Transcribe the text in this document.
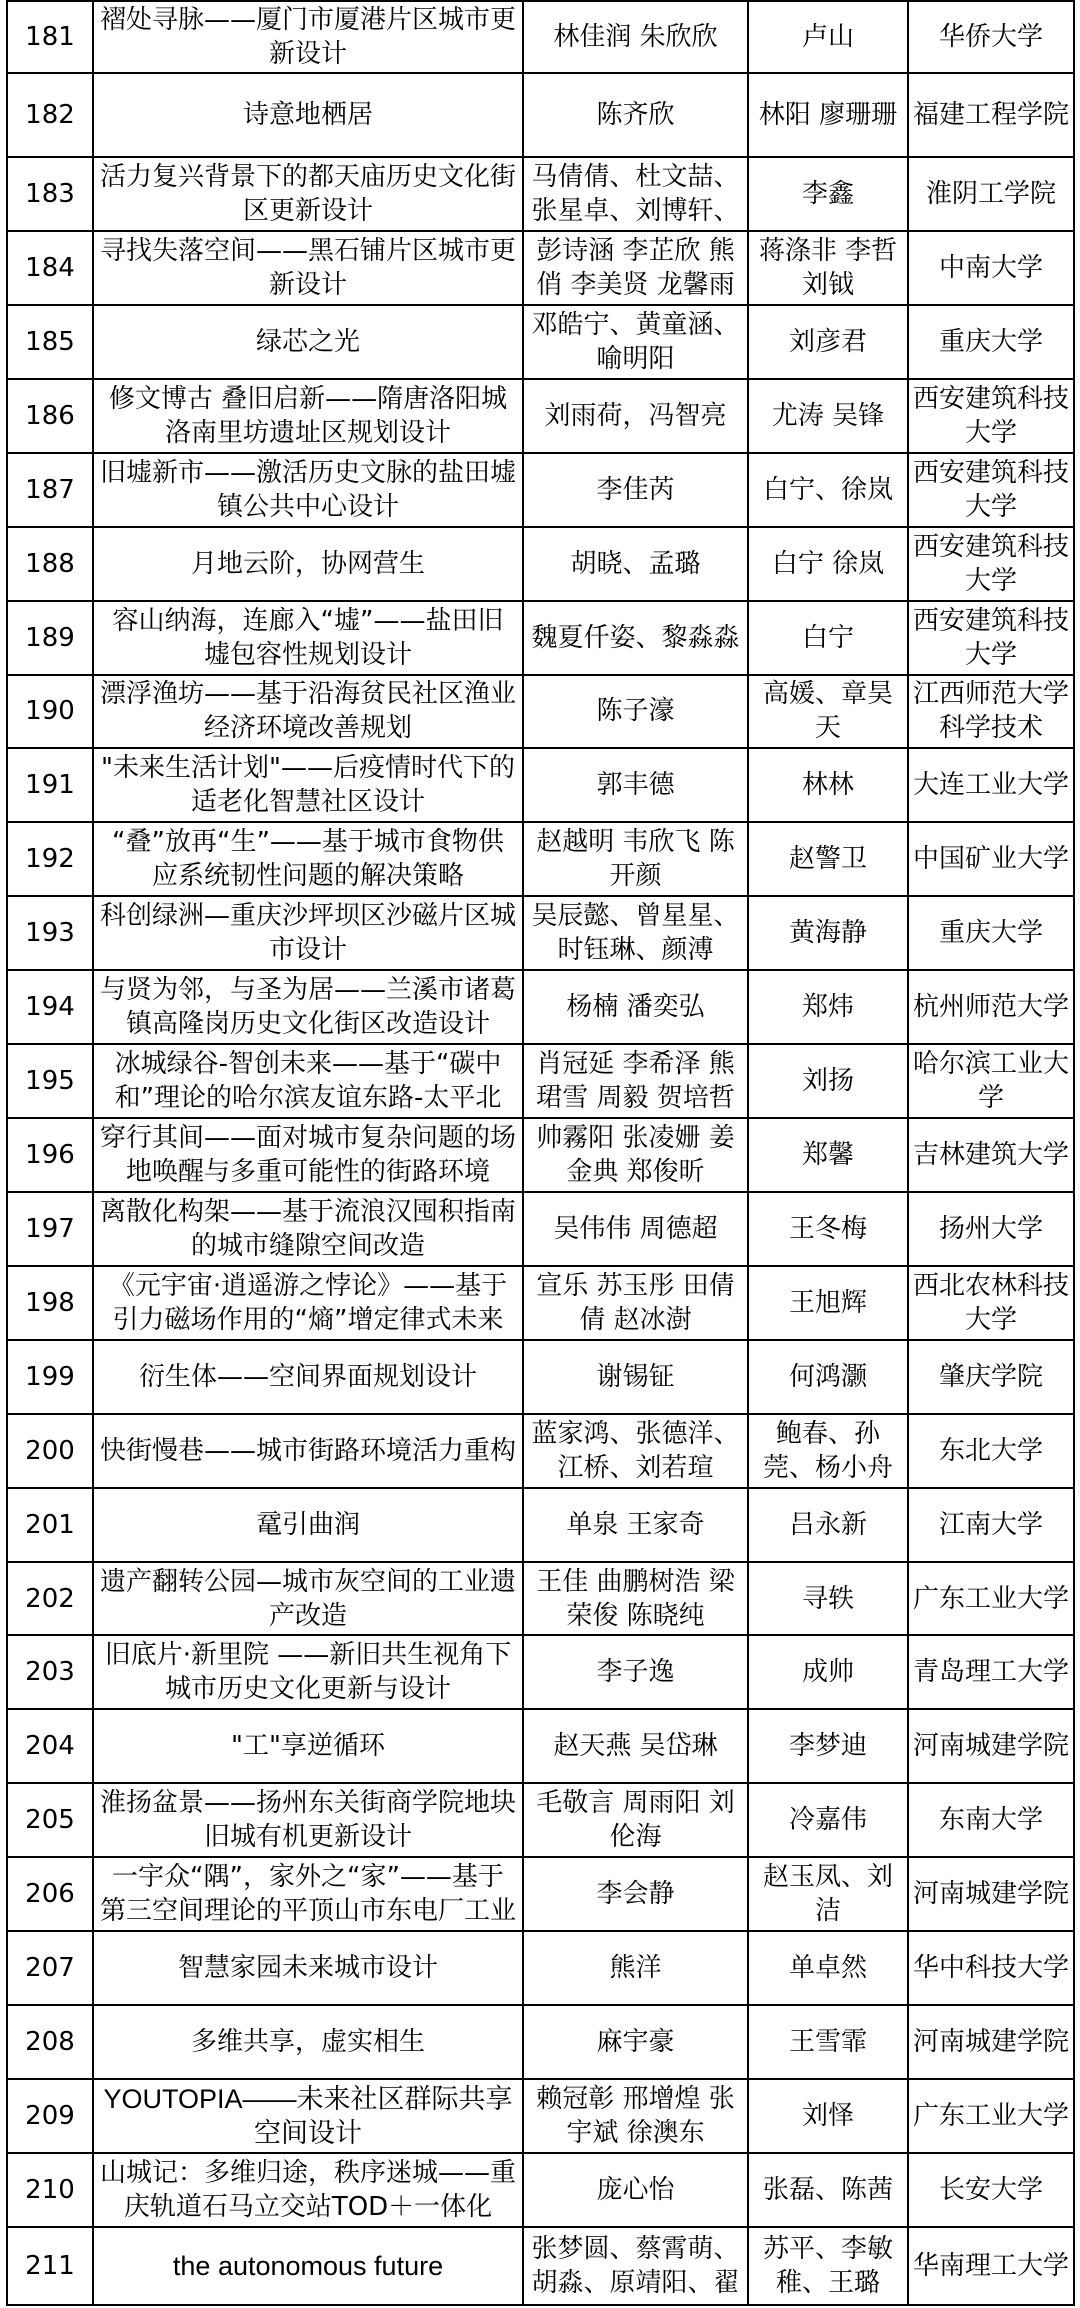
181	褶处寻脉——厦门市厦港片区城市更新设计	林佳润 朱欣欣	卢山	华侨大学

182	诗意地栖居	陈齐欣	林阳 廖珊珊	福建工程学院

183	活力复兴背景下的都天庙历史文化街区更新设计	马倩倩、杜文喆、张星卓、刘博轩、	李鑫	淮阴工学院

184	寻找失落空间——黑石铺片区城市更新设计	彭诗涵 李芷欣 熊俏 李美贤 龙馨雨	蒋涤非 李哲 刘钺	中南大学

185	绿芯之光	邓皓宁、黄童涵、喻明阳	刘彦君	重庆大学

186	修文博古 叠旧启新——隋唐洛阳城洛南里坊遗址区规划设计	刘雨荷，冯智亮	尤涛 吴锋	西安建筑科技大学

187	旧墟新市——激活历史文脉的盐田墟镇公共中心设计	李佳芮	白宁、徐岚	西安建筑科技大学

188	月地云阶，协网营生	胡晓、孟璐	白宁 徐岚	西安建筑科技大学

189	容山纳海，连廊入“墟”——盐田旧墟包容性规划设计	魏夏仟姿、黎淼淼	白宁	西安建筑科技大学

190	漂浮渔坊——基于沿海贫民社区渔业经济环境改善规划	陈子濠	高媛、章昊天	江西师范大学科学技术

191	"未来生活计划"——后疫情时代下的适老化智慧社区设计	郭丰德	林林	大连工业大学

192	“叠”放再“生”——基于城市食物供应系统韧性问题的解决策略	赵越明 韦欣飞 陈开颜	赵警卫	中国矿业大学

193	科创绿洲—重庆沙坪坝区沙磁片区城市设计	吴辰懿、曾星星、时钰琳、颜溥	黄海静	重庆大学

194	与贤为邻，与圣为居——兰溪市诸葛镇高隆岗历史文化街区改造设计	杨楠 潘奕弘	郑炜	杭州师范大学

195	冰城绿谷-智创未来——基于“碳中和”理论的哈尔滨友谊东路-太平北	肖冠延 李希泽 熊珺雪 周毅 贺培哲	刘扬	哈尔滨工业大学

196	穿行其间——面对城市复杂问题的场地唤醒与多重可能性的街路环境	帅霧阳 张凌姗 姜金典 郑俊昕	郑馨	吉林建筑大学

197	离散化构架——基于流浪汉囤积指南的城市缝隙空间改造	吴伟伟 周德超	王冬梅	扬州大学

198	《元宇宙·逍遥游之悖论》——基于引力磁场作用的“熵”增定律式未来	宣乐 苏玉彤 田倩倩 赵冰澍	王旭辉	西北农林科技大学

199	衍生体——空间界面规划设计	谢锡钲	何鸿灏	肇庆学院

200	快街慢巷——城市街路环境活力重构	蓝家鸿、张德洋、江桥、刘若瑄	鲍春、孙莞、杨小舟	东北大学

201	鼋引曲润	单泉 王家奇	吕永新	江南大学

202	遗产翻转公园—城市灰空间的工业遗产改造	王佳 曲鹏树浩 梁荣俊 陈晓纯	寻轶	广东工业大学

203	旧底片·新里院 ——新旧共生视角下城市历史文化更新与设计	李子逸	成帅	青岛理工大学

204	"工"享逆循环	赵天燕 吴岱琳	李梦迪	河南城建学院

205	淮扬盆景——扬州东关街商学院地块旧城有机更新设计	毛敬言 周雨阳 刘伦海	冷嘉伟	东南大学

206	一宇众“隅”，家外之“家”——基于第三空间理论的平顶山市东电厂工业	李会静	赵玉凤、刘洁	河南城建学院

207	智慧家园未来城市设计	熊洋	单卓然	华中科技大学

208	多维共享，虚实相生	麻宇豪	王雪霏	河南城建学院

209	YOUTOPIA——未来社区群际共享空间设计	赖冠彰 邢增煌 张宇斌 徐澳东	刘怿	广东工业大学

210	山城记：多维归途，秩序迷城——重庆轨道石马立交站TOD＋一体化	庞心怡	张磊、陈茜	长安大学

211	the autonomous future	张梦圆、蔡霄萌、胡淼、原靖阳、翟	苏平、李敏稚、王璐	华南理工大学
